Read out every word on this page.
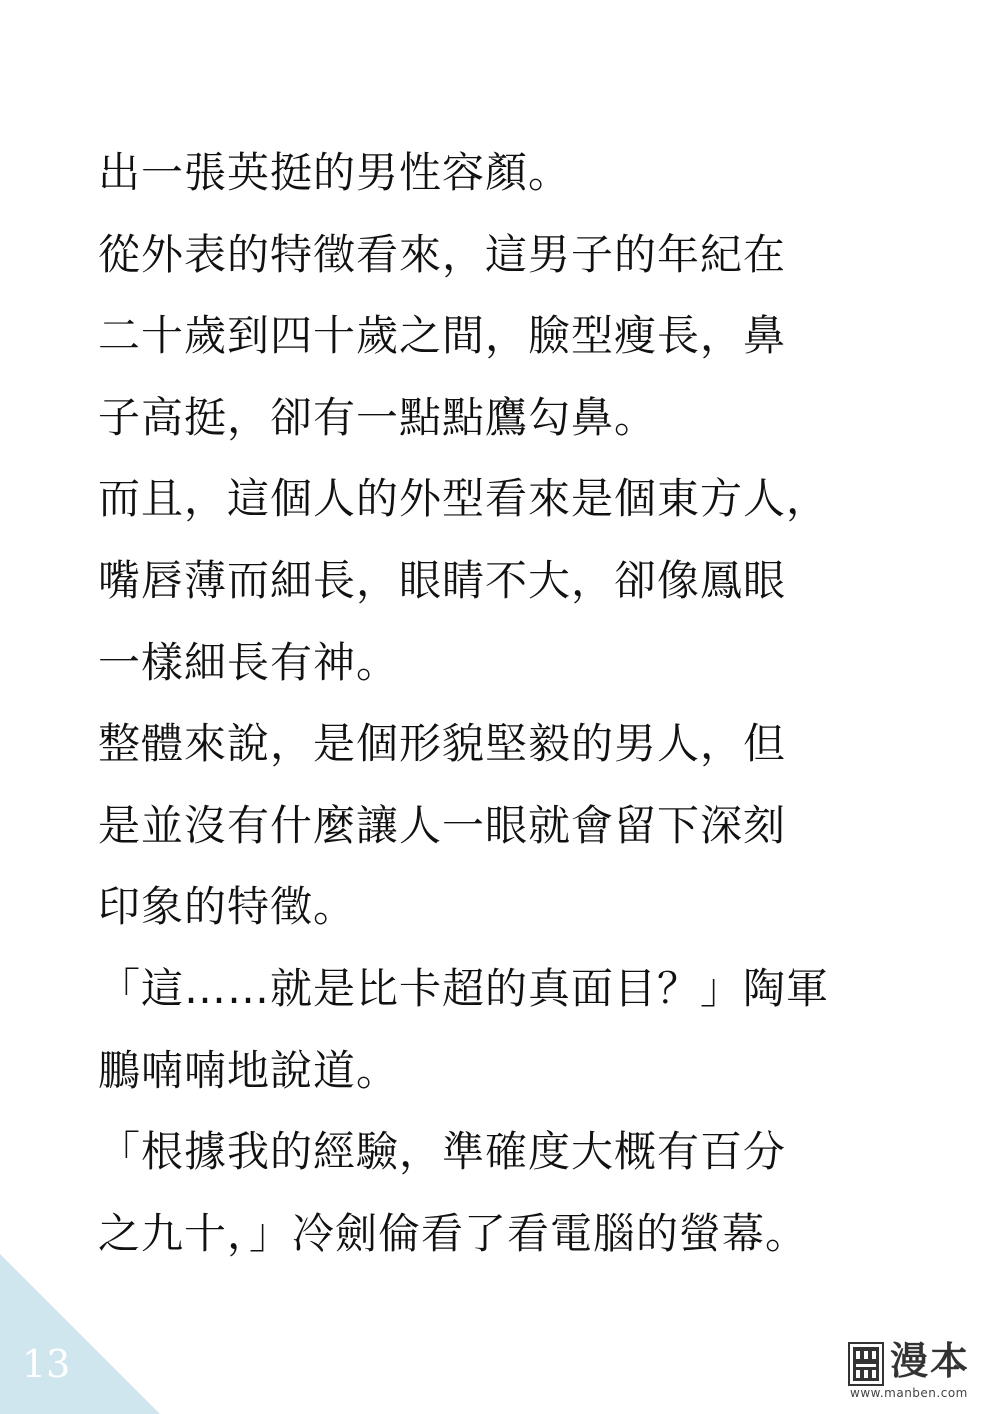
出一張英挺的男性容顏。
從外表的特徵看來，這男子的年紀在
二十歲到四十歲之間，臉型瘦長，鼻
子高挺，卻有一點點鷹勾鼻。
而且，這個人的外型看來是個東方人，
嘴唇薄而細長，眼睛不大，卻像鳳眼
一樣細長有神。
整體來說，是個形貌堅毅的男人，但
是並沒有什麼讓人一眼就會留下深刻
印象的特徵。
「這……就是比卡超的真面目？」陶軍
鵬喃喃地說道。
「根據我的經驗，準確度大概有百分
之九十，」冷劍倫看了看電腦的螢幕。
13	漫本
www.manben.com
